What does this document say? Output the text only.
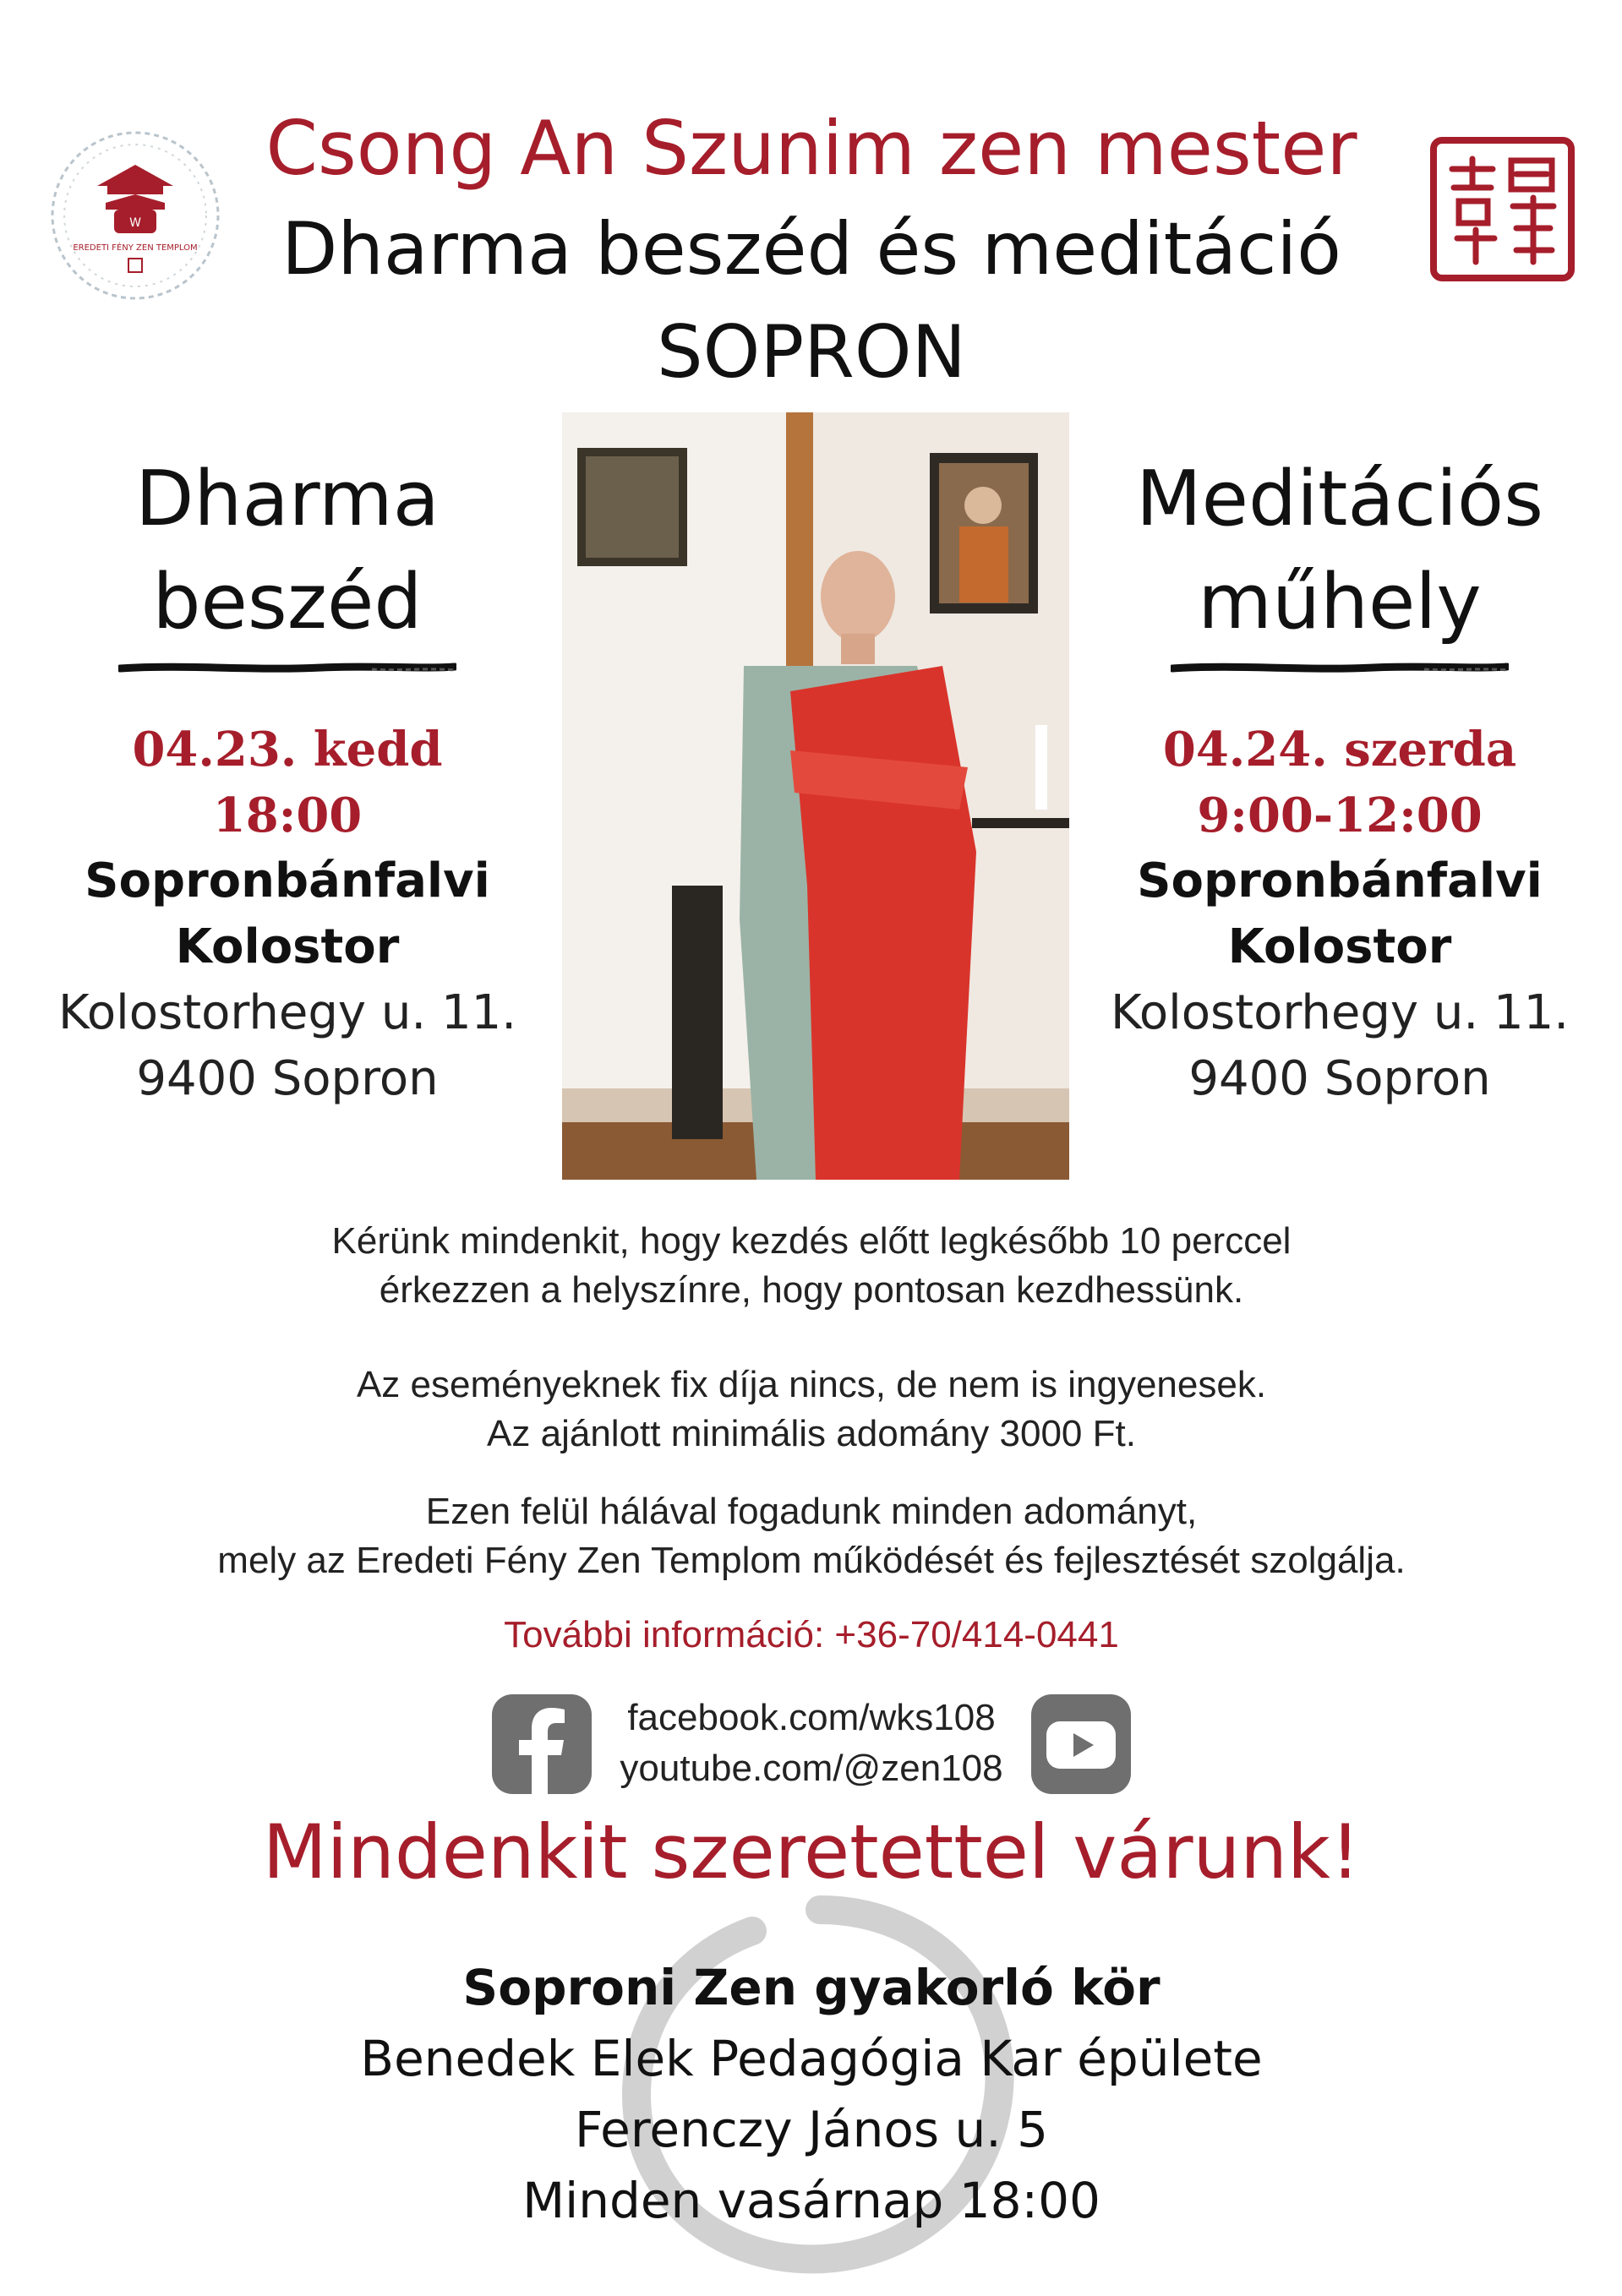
W
EREDETI FÉNY ZEN TEMPLOM
Csong An Szunim zen mester
Dharma beszéd és meditáció
SOPRON
Dharma
beszéd
04.23. kedd
18:00
Sopronbánfalvi
Kolostor
Kolostorhegy u. 11.
9400 Sopron
Meditációs
műhely
04.24. szerda
9:00-12:00
Sopronbánfalvi
Kolostor
Kolostorhegy u. 11.
9400 Sopron
Kérünk mindenkit, hogy kezdés előtt legkésőbb 10 perccel
érkezzen a helyszínre, hogy pontosan kezdhessünk.
Az eseményeknek fix díja nincs, de nem is ingyenesek.
Az ajánlott minimális adomány 3000 Ft.
Ezen felül hálával fogadunk minden adományt,
mely az Eredeti Fény Zen Templom működését és fejlesztését szolgálja.
További információ: +36-70/414-0441
facebook.com/wks108
youtube.com/@zen108
Mindenkit szeretettel várunk!
Soproni Zen gyakorló kör
Benedek Elek Pedagógia Kar épülete
Ferenczy János u. 5
Minden vasárnap 18:00
